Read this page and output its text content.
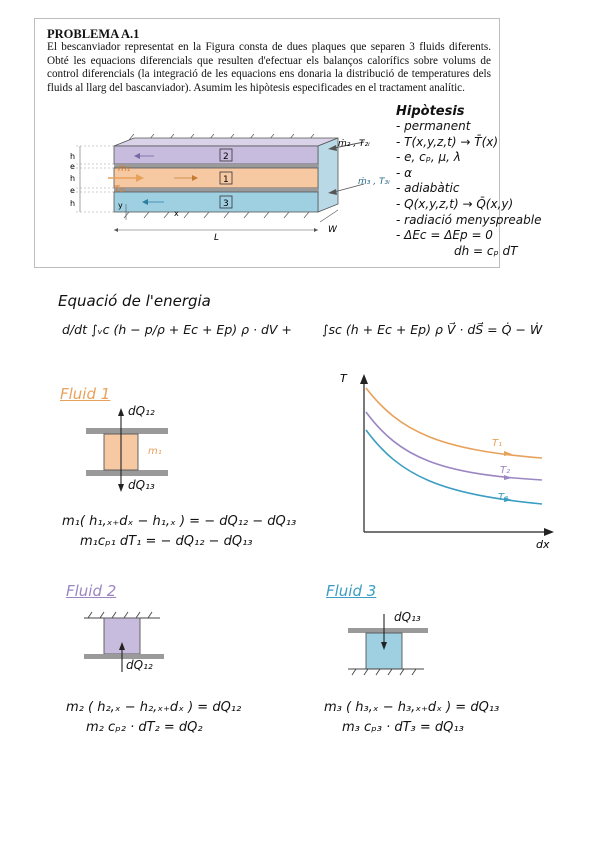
PROBLEMA A.1
El bescanviador representat en la Figura consta de dues plaques que separen 3 fluids diferents. Obté les equacions diferencials que resulten d'efectuar els balanços calorífics sobre volums de control diferencials (la integració de les equacions ens donaria la distribució de temperatures dels fluids al llarg del bascanviador). Asumim les hipòtesis especificades en el tractament analític.
2
1
3
ṁ₁
T₁ᵢ
ṁ₂ , T₂ᵢ
ṁ₃ , T₃ᵢ
h
e
h
e
h	y
x
L
W
Hipòtesis
- permanent
- T(x,y,z,t) → T̄(x)
- e, cₚ, μ, λ
- α
- adiabàtic
- Q(x,y,z,t) → Q̄(x,y)
- radiació menyspreable
- ΔEc = ΔEp = 0
dh = cₚ dT
Equació de l'energia
d/dt ∫ᵥc (h − p/ρ + Ec + Ep) ρ · dV + ∫sc (h + Ec + Ep) ρ V⃗ · dS⃗ = Q̇ − Ẇ
Fluid 1
dQ₁₂
m₁
dQ₁₃
m₁( h₁,ₓ₊dₓ − h₁,ₓ ) = − dQ₁₂ − dQ₁₃
m₁cₚ₁ dT₁ = − dQ₁₂ − dQ₁₃
T
dx
T₁
T₂
T₃
Fluid 2
dQ₁₂
m₂ ( h₂,ₓ − h₂,ₓ₊dₓ ) = dQ₁₂
m₂ cₚ₂ · dT₂ = dQ₂
Fluid 3
dQ₁₃
m₃ ( h₃,ₓ − h₃,ₓ₊dₓ ) = dQ₁₃
m₃ cₚ₃ · dT₃ = dQ₁₃
